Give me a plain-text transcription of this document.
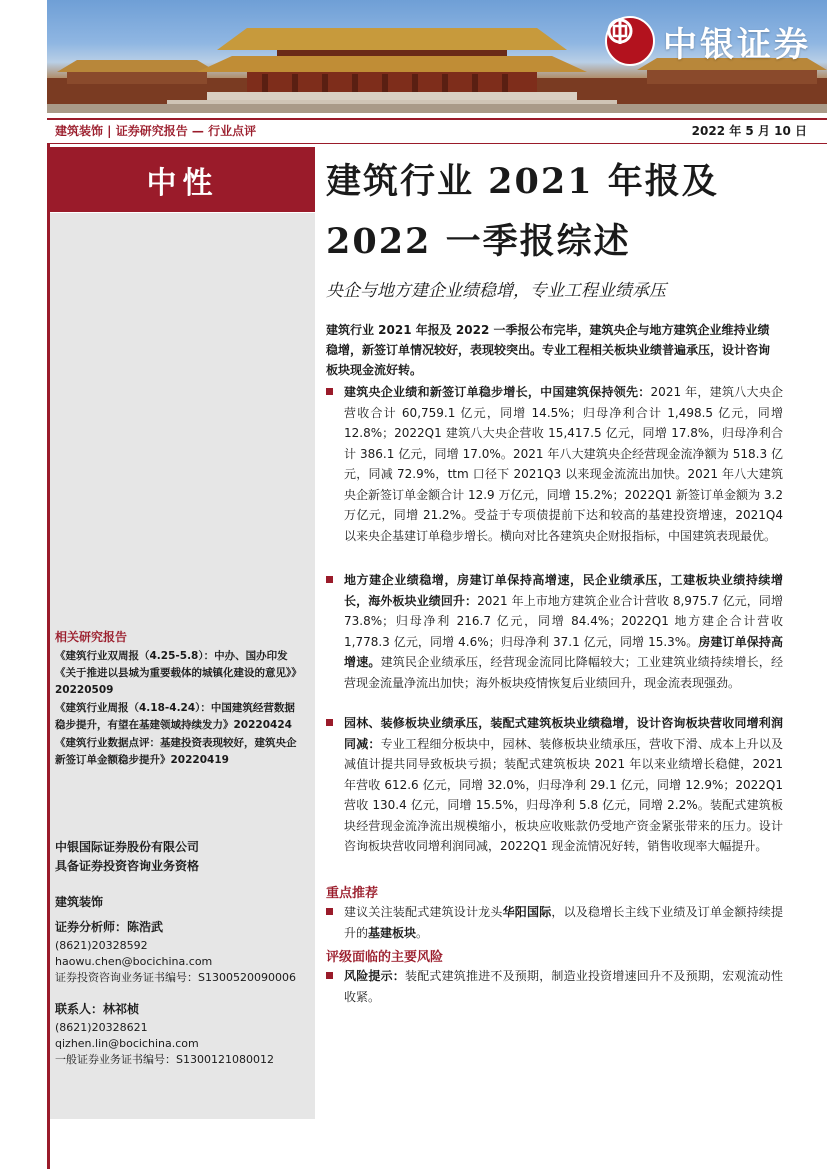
中银证券
建筑装饰 | 证券研究报告 — 行业点评	2022 年 5 月 10 日
中性	建筑行业 2021 年报及
2022 一季报综述
央企与地方建企业绩稳增，专业工程业绩承压
建筑行业 2021 年报及 2022 一季报公布完毕，建筑央企与地方建筑企业维持业绩稳增，新签订单情况较好，表现较突出。专业工程相关板块业绩普遍承压，设计咨询板块现金流好转。
建筑央企业绩和新签订单稳步增长，中国建筑保持领先：2021 年，建筑八大央企营收合计 60,759.1 亿元，同增 14.5%；归母净利合计 1,498.5 亿元，同增 12.8%；2022Q1 建筑八大央企营收 15,417.5 亿元，同增 17.8%，归母净利合计 386.1 亿元，同增 17.0%。2021 年八大建筑央企经营现金流净额为 518.3 亿元，同减 72.9%，ttm 口径下 2021Q3 以来现金流流出加快。2021 年八大建筑央企新签订单金额合计 12.9 万亿元，同增 15.2%；2022Q1 新签订单金额为 3.2 万亿元，同增 21.2%。受益于专项债提前下达和较高的基建投资增速，2021Q4 以来央企基建订单稳步增长。横向对比各建筑央企财报指标，中国建筑表现最优。
地方建企业绩稳增，房建订单保持高增速，民企业绩承压，工建板块业绩持续增长，海外板块业绩回升：2021 年上市地方建筑企业合计营收 8,975.7 亿元，同增 73.8%；归母净利 216.7 亿元，同增 84.4%；2022Q1 地方建企合计营收 1,778.3 亿元，同增 4.6%；归母净利 37.1 亿元，同增 15.3%。房建订单保持高增速。建筑民企业绩承压，经营现金流同比降幅较大；工业建筑业绩持续增长，经营现金流量净流出加快；海外板块疫情恢复后业绩回升，现金流表现强劲。
园林、装修板块业绩承压，装配式建筑板块业绩稳增，设计咨询板块营收同增利润同减：专业工程细分板块中，园林、装修板块业绩承压，营收下滑、成本上升以及减值计提共同导致板块亏损；装配式建筑板块 2021 年以来业绩增长稳健，2021 年营收 612.6 亿元，同增 32.0%，归母净利 29.1 亿元，同增 12.9%；2022Q1 营收 130.4 亿元，同增 15.5%，归母净利 5.8 亿元，同增 2.2%。装配式建筑板块经营现金流净流出规模缩小，板块应收账款仍受地产资金紧张带来的压力。设计咨询板块营收同增利润同减，2022Q1 现金流情况好转，销售收现率大幅提升。
重点推荐
建议关注装配式建筑设计龙头华阳国际，以及稳增长主线下业绩及订单金额持续提升的基建板块。
评级面临的主要风险
风险提示：装配式建筑推进不及预期，制造业投资增速回升不及预期，宏观流动性收紧。
相关研究报告
《建筑行业双周报（4.25-5.8）：中办、国办印发《关于推进以县城为重要载体的城镇化建设的意见》》20220509
《建筑行业周报（4.18-4.24）：中国建筑经营数据稳步提升，有望在基建领域持续发力》20220424
《建筑行业数据点评：基建投资表现较好，建筑央企新签订单金额稳步提升》20220419
中银国际证券股份有限公司
具备证券投资咨询业务资格
建筑装饰
证券分析师：陈浩武
(8621)20328592
haowu.chen@bocichina.com
证券投资咨询业务证书编号：S1300520090006
联系人：林祁桢
(8621)20328621
qizhen.lin@bocichina.com
一般证券业务证书编号：S1300121080012
